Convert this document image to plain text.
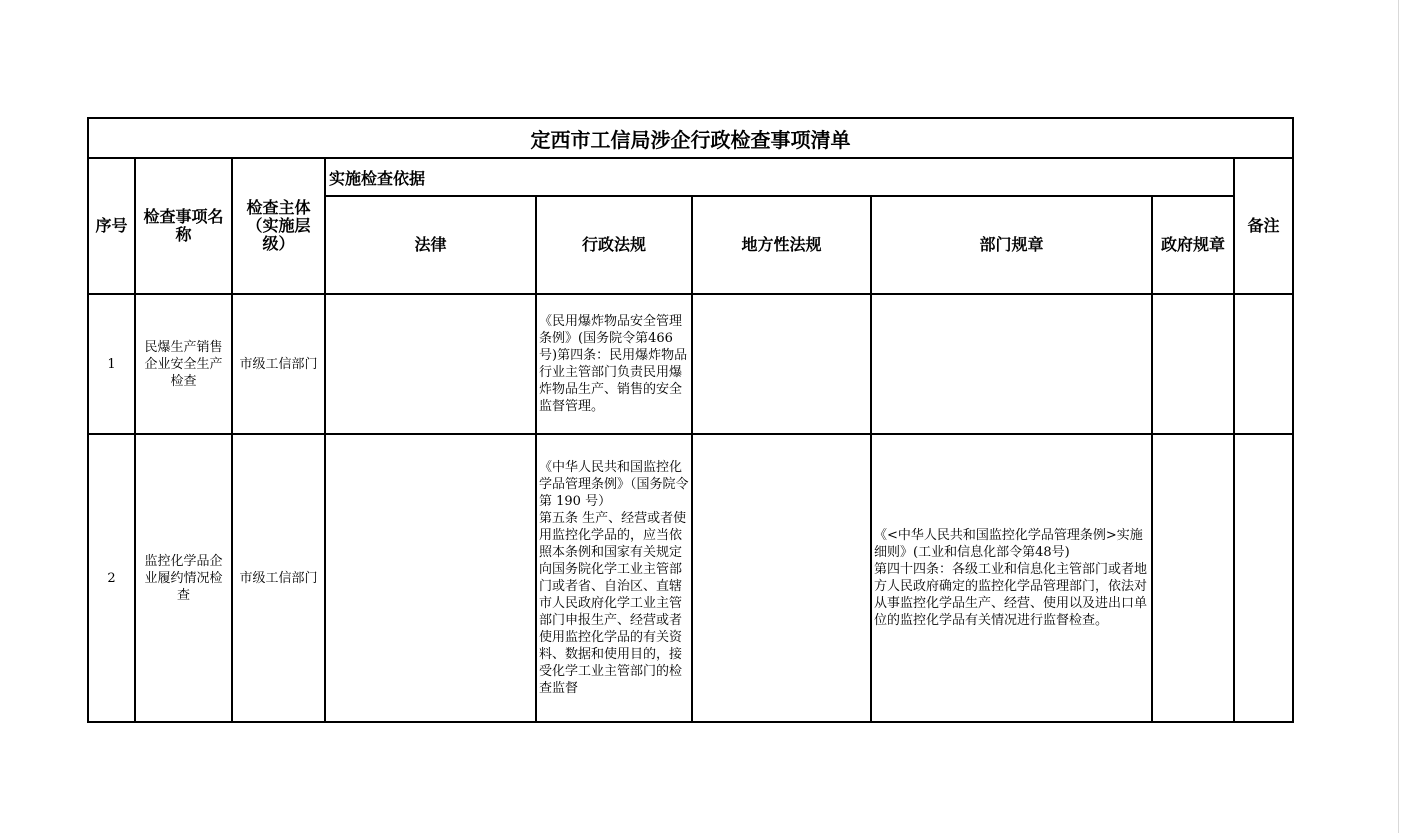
定西市工信局涉企行政检查事项清单								
序号	检查事项名称	检查主体（实施层级）	实施检查依据					备注
			法律	行政法规	地方性法规	部门规章	政府规章	
1	民爆生产销售企业安全生产检查	市级工信部门		《民用爆炸物品安全管理条例》(国务院令第466号)第四条：民用爆炸物品行业主管部门负责民用爆炸物品生产、销售的安全监督管理。				
2	监控化学品企业履约情况检查	市级工信部门		《中华人民共和国监控化学品管理条例》（国务院令第 190 号）
第五条 生产、经营或者使用监控化学品的，应当依照本条例和国家有关规定向国务院化学工业主管部门或者省、自治区、直辖市人民政府化学工业主管部门申报生产、经营或者使用监控化学品的有关资料、数据和使用目的，接受化学工业主管部门的检查监督		《<中华人民共和国监控化学品管理条例>实施细则》(工业和信息化部令第48号)
第四十四条：各级工业和信息化主管部门或者地方人民政府确定的监控化学品管理部门，依法对从事监控化学品生产、经营、使用以及进出口单位的监控化学品有关情况进行监督检查。		
